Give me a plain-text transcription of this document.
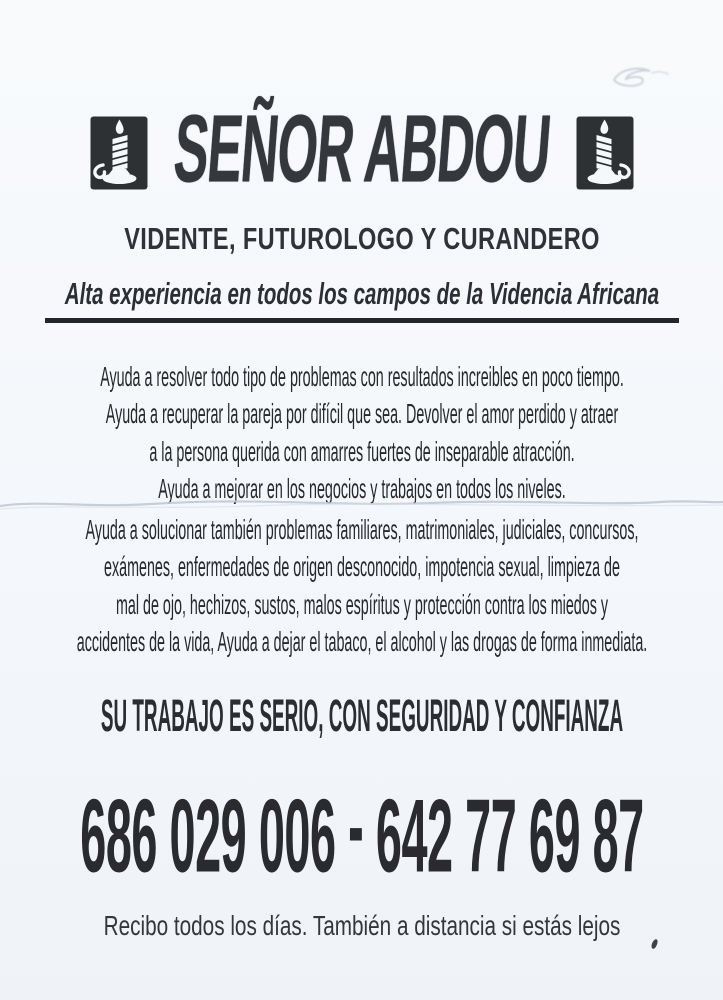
SEÑOR ABDOU
VIDENTE, FUTUROLOGO Y CURANDERO
Alta experiencia en todos los campos de la Videncia Africana
Ayuda a resolver todo tipo de problemas con resultados increibles en poco tiempo.
Ayuda a recuperar la pareja por difícil que sea. Devolver el amor perdido y atraer
a la persona querida con amarres fuertes de inseparable atracción.
Ayuda a mejorar en los negocios y trabajos en todos los niveles.
Ayuda a solucionar también problemas familiares, matrimoniales, judiciales, concursos,
exámenes, enfermedades de origen desconocido, impotencia sexual, limpieza de
mal de ojo, hechizos, sustos, malos espíritus y protección contra los miedos y
accidentes de la vida, Ayuda a dejar el tabaco, el alcohol y las drogas de forma inmediata.
SU TRABAJO ES SERIO, CON SEGURIDAD Y CONFIANZA
686 029 006 - 642 77 69 87
Recibo todos los días. También a distancia si estás lejos
